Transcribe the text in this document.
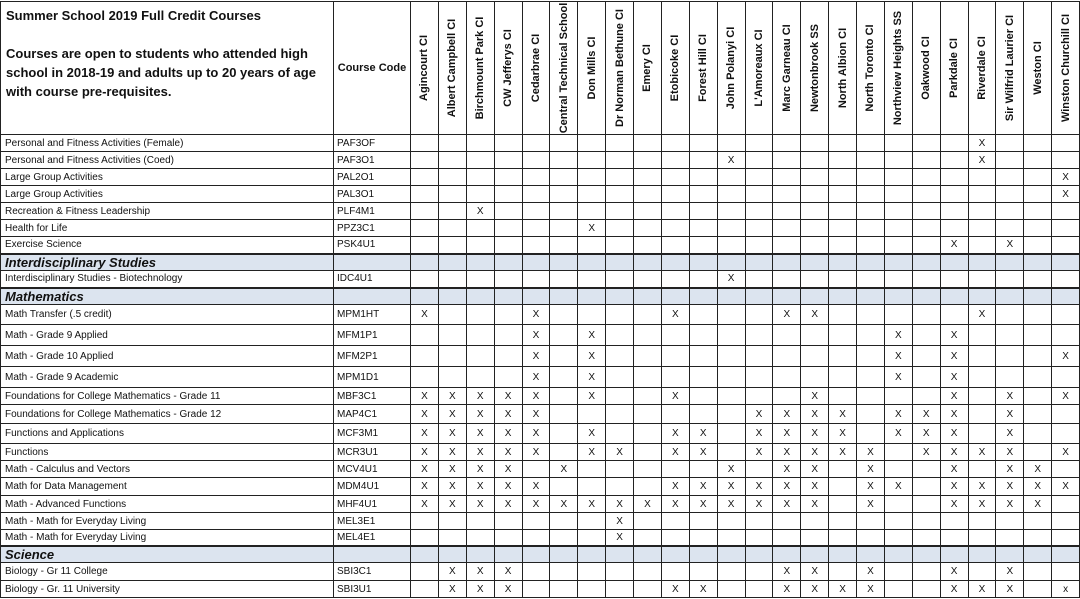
Summer School 2019 Full Credit Courses
Courses are open to students who attended high school in 2018-19 and adults up to 20 years of age with course pre-requisites.	Course Code	Agincourt CI	Albert Campbell CI	Birchmount Park CI	CW Jefferys CI	Cedarbrae CI	Central Technical School	Don Mills CI	Dr Norman Bethune CI	Emery CI	Etobicoke CI	Forest Hill CI	John Polanyi CI	L'Amoreaux CI	Marc Garneau CI	Newtonbrook SS	North Albion CI	North Toronto CI	Northview Heights SS	Oakwood CI	Parkdale CI	Riverdale CI	Sir Wilfrid Laurier CI	Weston CI	Winston Churchill CI

Personal and Fitness Activities (Female)	PAF3OF																					X			
Personal and Fitness Activities (Coed)	PAF3O1												X									X			
Large Group Activities	PAL2O1																								X
Large Group Activities	PAL3O1																								X
Recreation & Fitness Leadership	PLF4M1			X																					
Health for Life	PPZ3C1							X																	
Exercise Science	PSK4U1																				X		X		
Interdisciplinary Studies																									
Interdisciplinary Studies - Biotechnology	IDC4U1												X												
Mathematics																									
Math Transfer (.5 credit)	MPM1HT	X				X					X				X	X						X			
Math - Grade 9 Applied	MFM1P1					X		X											X		X				
Math - Grade 10 Applied	MFM2P1					X		X											X		X				X
Math - Grade 9 Academic	MPM1D1					X		X											X		X				
Foundations for College Mathematics - Grade 11	MBF3C1	X	X	X	X	X		X			X					X					X		X		X
Foundations for College Mathematics - Grade 12	MAP4C1	X	X	X	X	X								X	X	X	X		X	X	X		X		
Functions and Applications	MCF3M1	X	X	X	X	X		X			X	X		X	X	X	X		X	X	X		X		
Functions	MCR3U1	X	X	X	X	X		X	X		X	X		X	X	X	X	X		X	X	X	X		X
Math - Calculus and Vectors	MCV4U1	X	X	X	X		X						X		X	X		X			X		X	X	
Math for Data Management	MDM4U1	X	X	X	X	X					X	X	X	X	X	X		X	X		X	X	X	X	X
Math - Advanced Functions	MHF4U1	X	X	X	X	X	X	X	X	X	X	X	X	X	X	X		X			X	X	X	X	
Math - Math for Everyday Living	MEL3E1								X																
Math - Math for Everyday Living	MEL4E1								X																
Science																									
Biology - Gr 11 College	SBI3C1		X	X	X										X	X		X			X		X		
Biology - Gr. 11 University	SBI3U1		X	X	X						X	X			X	X	X	X			X	X	X		x
